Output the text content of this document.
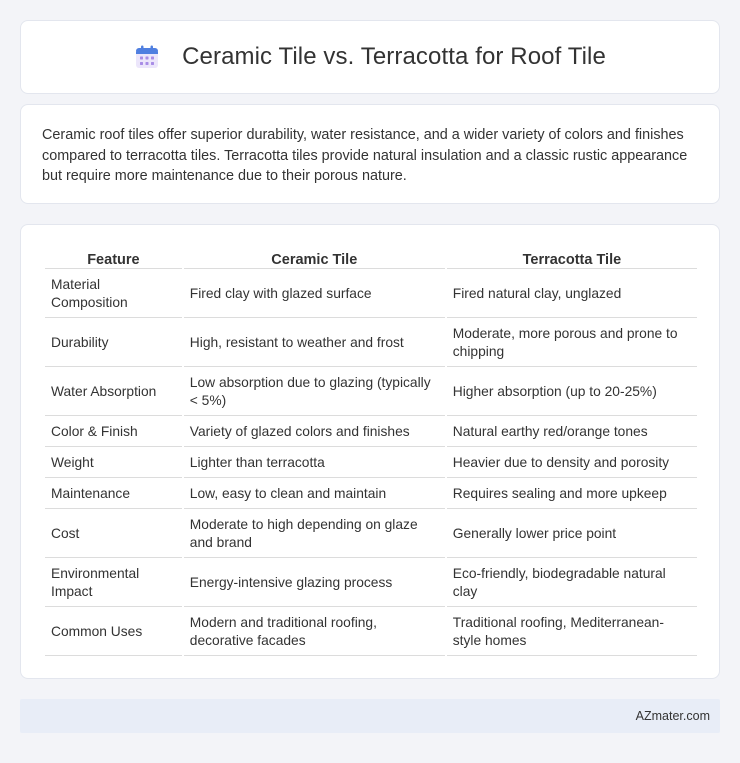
Ceramic Tile vs. Terracotta for Roof Tile

Ceramic roof tiles offer superior durability, water resistance, and a wider variety of colors and finishes compared to terracotta tiles. Terracotta tiles provide natural insulation and a classic rustic appearance but require more maintenance due to their porous nature.

Feature	Ceramic Tile	Terracotta Tile
Material Composition	Fired clay with glazed surface	Fired natural clay, unglazed
Durability	High, resistant to weather and frost	Moderate, more porous and prone to chipping
Water Absorption	Low absorption due to glazing (typically < 5%)	Higher absorption (up to 20-25%)
Color & Finish	Variety of glazed colors and finishes	Natural earthy red/orange tones
Weight	Lighter than terracotta	Heavier due to density and porosity
Maintenance	Low, easy to clean and maintain	Requires sealing and more upkeep
Cost	Moderate to high depending on glaze and brand	Generally lower price point
Environmental Impact	Energy-intensive glazing process	Eco-friendly, biodegradable natural clay
Common Uses	Modern and traditional roofing, decorative facades	Traditional roofing, Mediterranean-style homes
AZmater.com
